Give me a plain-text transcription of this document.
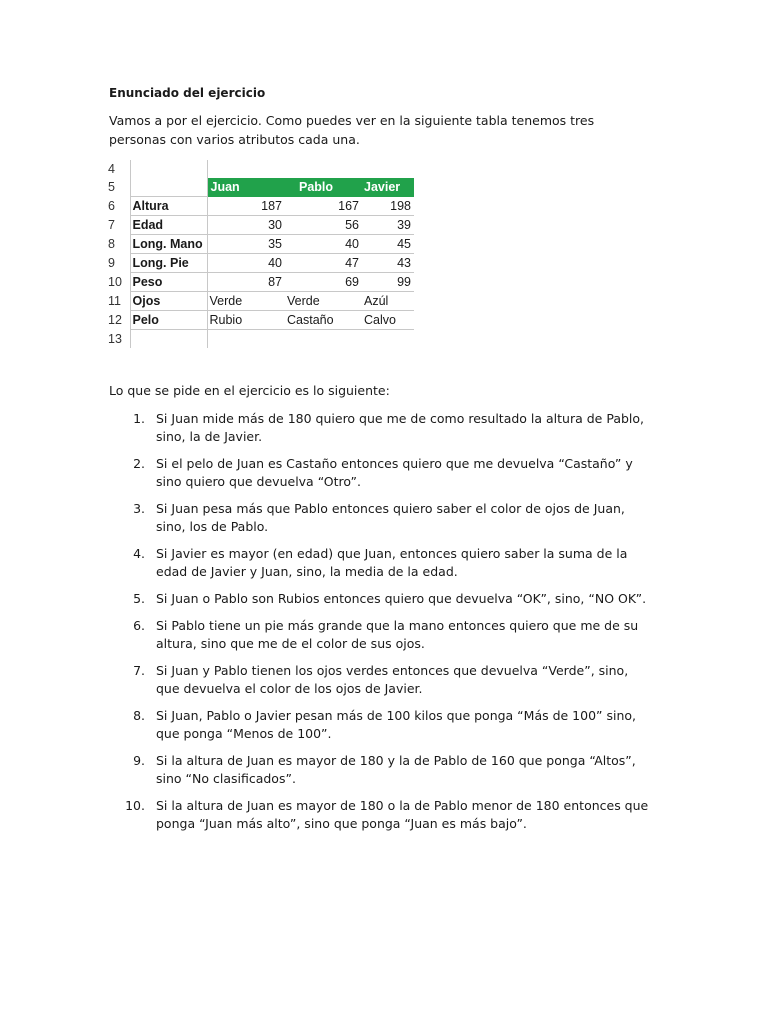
Enunciado del ejercicio

Vamos a por el ejercicio. Como puedes ver en la siguiente tabla tenemos tres personas con varios atributos cada una.

4				
5		Juan	Pablo	Javier
6	Altura	187	167	198
7	Edad	30	56	39
8	Long. Mano	35	40	45
9	Long. Pie	40	47	43
10	Peso	87	69	99
11	Ojos	Verde	Verde	Azúl
12	Pelo	Rubio	Castaño	Calvo
13				

Lo que se pide en el ejercicio es lo siguiente:

1. Si Juan mide más de 180 quiero que me de como resultado la altura de Pablo, sino, la de Javier.
2. Si el pelo de Juan es Castaño entonces quiero que me devuelva “Castaño” y sino quiero que devuelva “Otro”.
3. Si Juan pesa más que Pablo entonces quiero saber el color de ojos de Juan, sino, los de Pablo.
4. Si Javier es mayor (en edad) que Juan, entonces quiero saber la suma de la edad de Javier y Juan, sino, la media de la edad.
5. Si Juan o Pablo son Rubios entonces quiero que devuelva “OK”, sino, “NO OK”.
6. Si Pablo tiene un pie más grande que la mano entonces quiero que me de su altura, sino que me de el color de sus ojos.
7. Si Juan y Pablo tienen los ojos verdes entonces que devuelva “Verde”, sino, que devuelva el color de los ojos de Javier.
8. Si Juan, Pablo o Javier pesan más de 100 kilos que ponga “Más de 100” sino, que ponga “Menos de 100”.
9. Si la altura de Juan es mayor de 180 y la de Pablo de 160 que ponga “Altos”, sino “No clasificados”.
10. Si la altura de Juan es mayor de 180 o la de Pablo menor de 180 entonces que ponga “Juan más alto”, sino que ponga “Juan es más bajo”.
